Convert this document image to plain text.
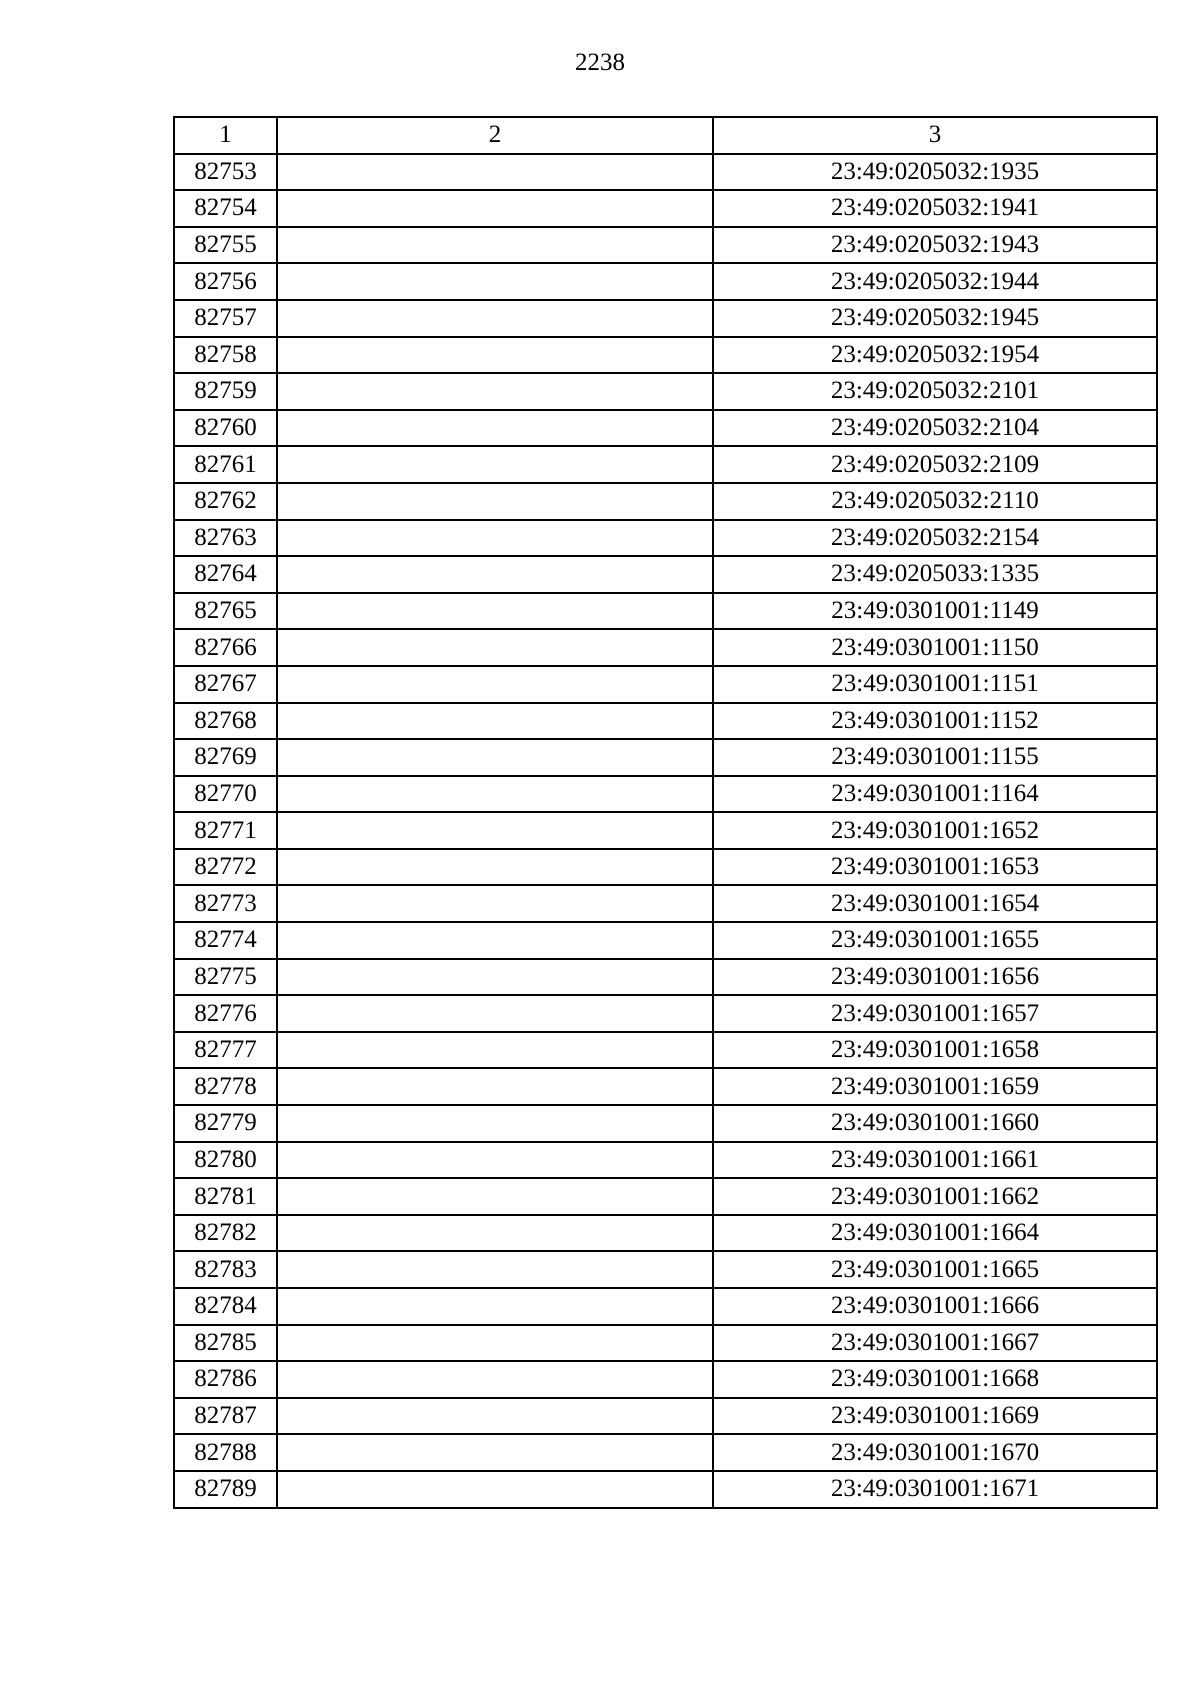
2238
1	2	3
82753		23:49:0205032:1935
82754		23:49:0205032:1941
82755		23:49:0205032:1943
82756		23:49:0205032:1944
82757		23:49:0205032:1945
82758		23:49:0205032:1954
82759		23:49:0205032:2101
82760		23:49:0205032:2104
82761		23:49:0205032:2109
82762		23:49:0205032:2110
82763		23:49:0205032:2154
82764		23:49:0205033:1335
82765		23:49:0301001:1149
82766		23:49:0301001:1150
82767		23:49:0301001:1151
82768		23:49:0301001:1152
82769		23:49:0301001:1155
82770		23:49:0301001:1164
82771		23:49:0301001:1652
82772		23:49:0301001:1653
82773		23:49:0301001:1654
82774		23:49:0301001:1655
82775		23:49:0301001:1656
82776		23:49:0301001:1657
82777		23:49:0301001:1658
82778		23:49:0301001:1659
82779		23:49:0301001:1660
82780		23:49:0301001:1661
82781		23:49:0301001:1662
82782		23:49:0301001:1664
82783		23:49:0301001:1665
82784		23:49:0301001:1666
82785		23:49:0301001:1667
82786		23:49:0301001:1668
82787		23:49:0301001:1669
82788		23:49:0301001:1670
82789		23:49:0301001:1671
